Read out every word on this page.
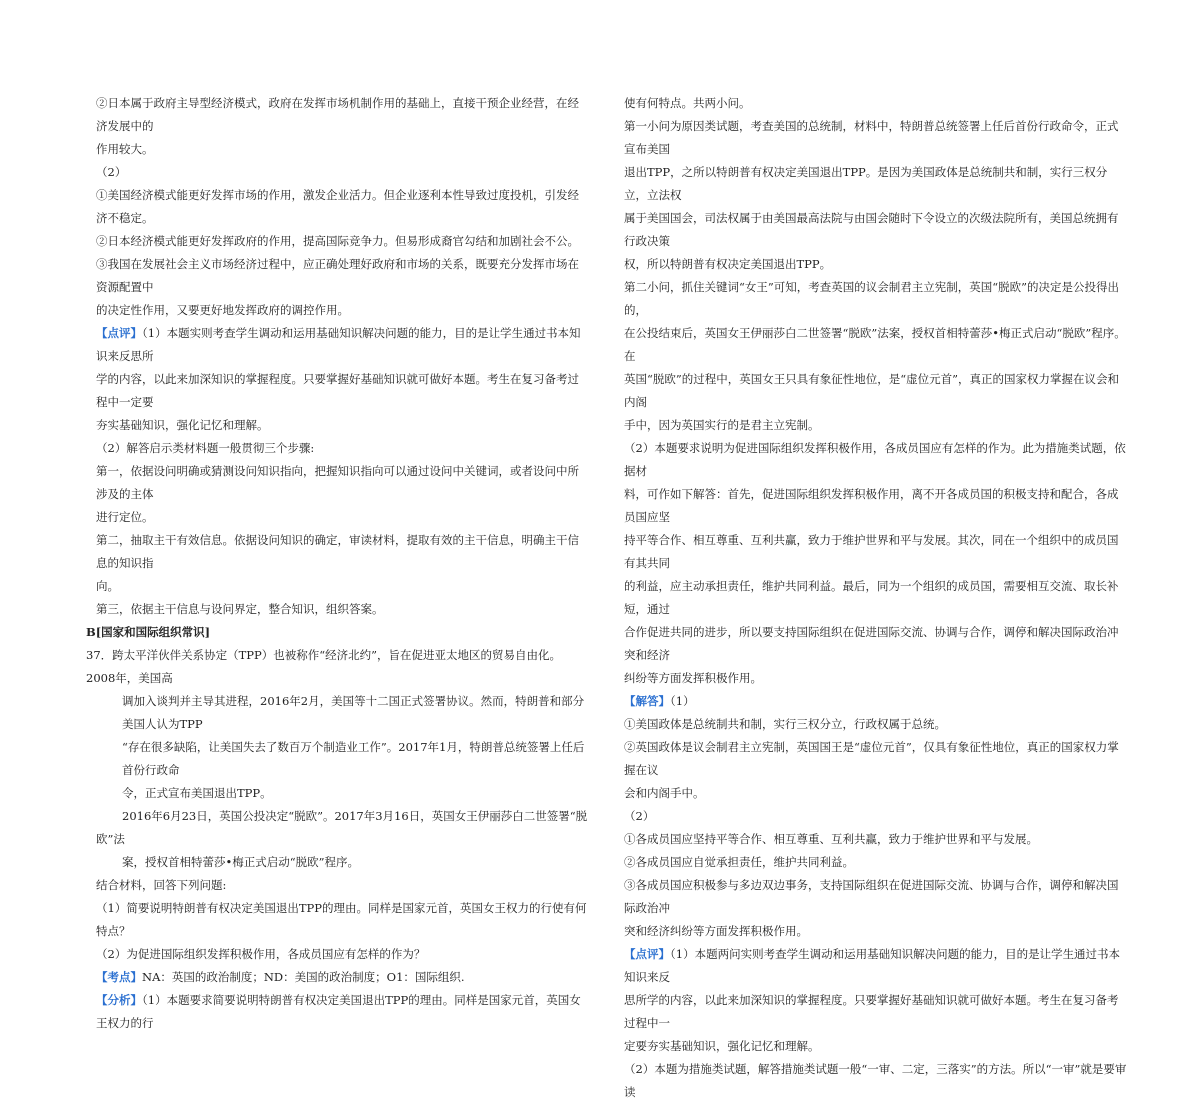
②日本属于政府主导型经济模式，政府在发挥市场机制作用的基础上，直接干预企业经营，在经济发展中的

作用较大。

（2）

①美国经济模式能更好发挥市场的作用，激发企业活力。但企业逐利本性导致过度投机，引发经济不稳定。

②日本经济模式能更好发挥政府的作用，提高国际竞争力。但易形成裔官勾结和加剧社会不公。

③我国在发展社会主义市场经济过程中，应正确处理好政府和市场的关系，既要充分发挥市场在资源配置中

的决定性作用，又要更好地发挥政府的调控作用。

【点评】（1）本题实则考查学生调动和运用基础知识解决问题的能力，目的是让学生通过书本知识来反思所

学的内容，以此来加深知识的掌握程度。只要掌握好基础知识就可做好本题。考生在复习备考过程中一定要

夯实基础知识，强化记忆和理解。

（2）解答启示类材料题一般贯彻三个步骤:

第一，依据设问明确或猜测设问知识指向，把握知识指向可以通过设问中关键词，或者设问中所涉及的主体

进行定位。

第二，抽取主干有效信息。依据设问知识的确定，审读材料，提取有效的主干信息，明确主干信息的知识指

向。

第三，依据主干信息与设问界定，整合知识，组织答案。

B[国家和国际组织常识]

37．跨太平洋伙伴关系协定（TPP）也被称作“经济北约”，旨在促进亚太地区的贸易自由化。2008年，美国高

调加入谈判并主导其进程，2016年2月，美国等十二国正式签署协议。然而，特朗普和部分美国人认为TPP

“存在很多缺陷，让美国失去了数百万个制造业工作”。2017年1月，特朗普总统签署上任后首份行政命

令，正式宣布美国退出TPP。

2016年6月23日，英国公投决定“脱欧”。2017年3月16日，英国女王伊丽莎白二世签署“脱欧”法

案，授权首相特蕾莎•梅正式启动“脱欧”程序。

结合材料，回答下列问题:

（1）简要说明特朗普有权决定美国退出TPP的理由。同样是国家元首，英国女王权力的行使有何特点？

（2）为促进国际组织发挥积极作用，各成员国应有怎样的作为？

【考点】NA：英国的政治制度；ND：美国的政治制度；O1：国际组织.

【分析】（1）本题要求简要说明特朗普有权决定美国退出TPP的理由。同样是国家元首，英国女王权力的行

使有何特点。共两小问。

第一小问为原因类试题，考查美国的总统制，材料中，特朗普总统签署上任后首份行政命令，正式宣布美国

退出TPP，之所以特朗普有权决定美国退出TPP。是因为美国政体是总统制共和制，实行三权分立，立法权

属于美国国会，司法权属于由美国最高法院与由国会随时下令设立的次级法院所有，美国总统拥有行政决策

权，所以特朗普有权决定美国退出TPP。

第二小问，抓住关键词“女王”可知，考查英国的议会制君主立宪制，英国“脱欧”的决定是公投得出的，

在公投结束后，英国女王伊丽莎白二世签署“脱欧”法案，授权首相特蕾莎•梅正式启动“脱欧”程序。在

英国“脱欧”的过程中，英国女王只具有象征性地位，是“虚位元首”，真正的国家权力掌握在议会和内阁

手中，因为英国实行的是君主立宪制。

（2）本题要求说明为促进国际组织发挥积极作用，各成员国应有怎样的作为。此为措施类试题，依据材

料，可作如下解答：首先，促进国际组织发挥积极作用，离不开各成员国的积极支持和配合，各成员国应坚

持平等合作、相互尊重、互利共赢，致力于维护世界和平与发展。其次，同在一个组织中的成员国有其共同

的利益，应主动承担责任，维护共同利益。最后，同为一个组织的成员国，需要相互交流、取长补短，通过

合作促进共同的进步，所以要支持国际组织在促进国际交流、协调与合作，调停和解决国际政治冲突和经济

纠纷等方面发挥积极作用。

【解答】（1）

①美国政体是总统制共和制，实行三权分立，行政权属于总统。

②英国政体是议会制君主立宪制，英国国王是“虚位元首”，仅具有象征性地位，真正的国家权力掌握在议

会和内阁手中。

（2）

①各成员国应坚持平等合作、相互尊重、互利共赢，致力于维护世界和平与发展。

②各成员国应自觉承担责任，维护共同利益。

③各成员国应积极参与多边双边事务，支持国际组织在促进国际交流、协调与合作，调停和解决国际政治冲

突和经济纠纷等方面发挥积极作用。

【点评】（1）本题两问实则考查学生调动和运用基础知识解决问题的能力，目的是让学生通过书本知识来反

思所学的内容，以此来加深知识的掌握程度。只要掌握好基础知识就可做好本题。考生在复习备考过程中一

定要夯实基础知识，强化记忆和理解。

（2）本题为措施类试题，解答措施类试题一般“一审、二定，三落实”的方法。所以“一审”就是要审读
